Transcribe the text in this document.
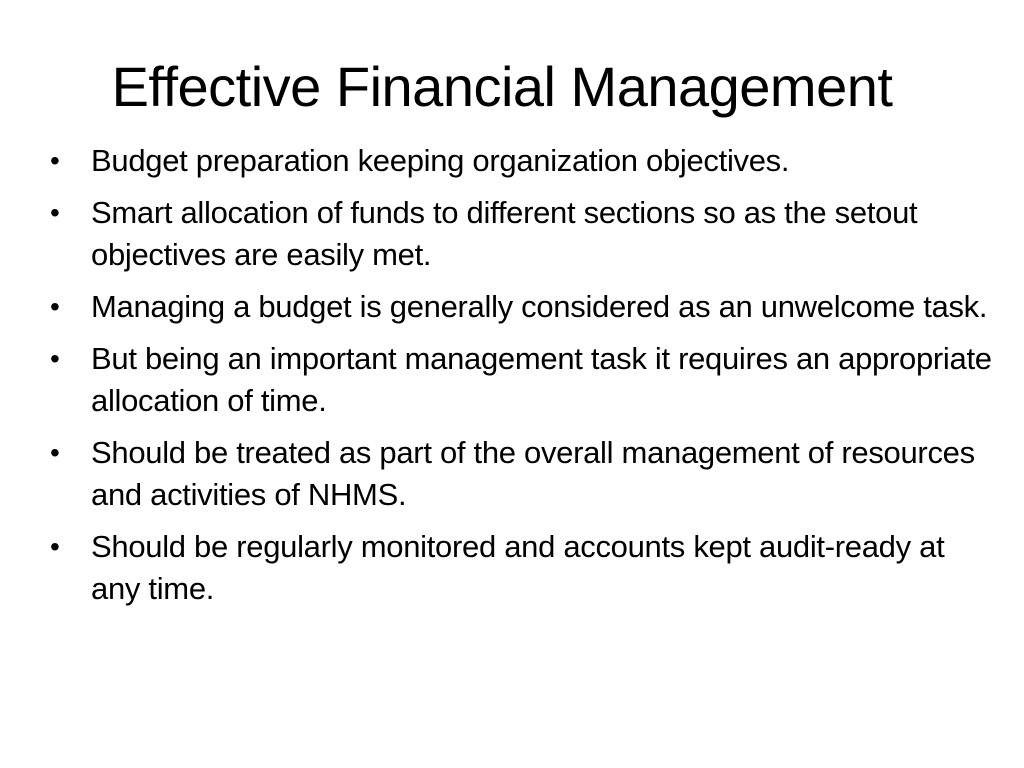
Effective Financial Management
•	Budget preparation keeping organization objectives.
•	Smart allocation of funds to different sections so as the setout objectives are easily met.
•	Managing a budget is generally considered as an unwelcome task.
•	But being an important management task it requires an appropriate allocation of time.
•	Should be treated as part of the overall management of resources and activities of NHMS.
•	Should be regularly monitored and accounts kept audit-ready at any time.
